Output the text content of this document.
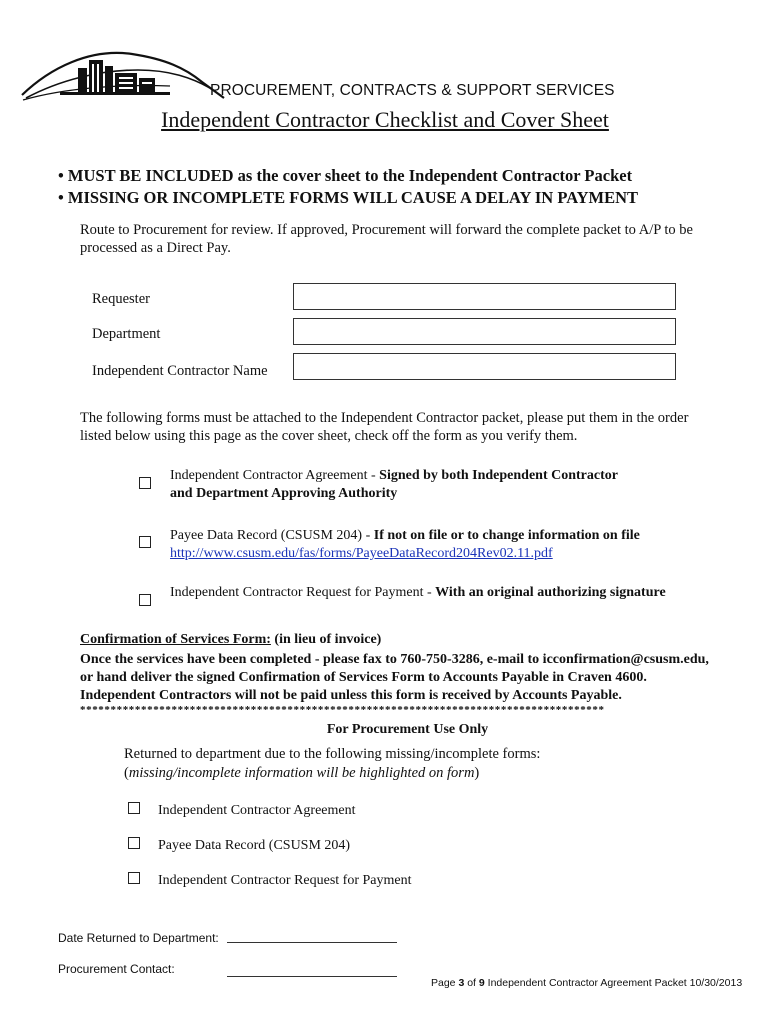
PROCUREMENT, CONTRACTS & SUPPORT SERVICES
Independent Contractor Checklist and Cover Sheet
• MUST BE INCLUDED as the cover sheet to the Independent Contractor Packet
• MISSING OR INCOMPLETE FORMS WILL CAUSE A DELAY IN PAYMENT
Route to Procurement for review. If approved, Procurement will forward the complete packet to A/P to be processed as a Direct Pay.
Requester
Department
Independent Contractor Name
The following forms must be attached to the Independent Contractor packet, please put them in the order listed below using this page as the cover sheet, check off the form as you verify them.
Independent Contractor Agreement - Signed by both Independent Contractor
and Department Approving Authority
Payee Data Record (CSUSM 204) - If not on file or to change information on file
http://www.csusm.edu/fas/forms/PayeeDataRecord204Rev02.11.pdf
Independent Contractor Request for Payment - With an original authorizing signature
Confirmation of Services Form: (in lieu of invoice)
Once the services have been completed - please fax to 760-750-3286, e-mail to icconfirmation@csusm.edu,
or hand deliver the signed Confirmation of Services Form to Accounts Payable in Craven 4600.
Independent Contractors will not be paid unless this form is received by Accounts Payable.
**************************************************************************************
For Procurement Use Only
Returned to department due to the following missing/incomplete forms:
(missing/incomplete information will be highlighted on form)
Independent Contractor Agreement
Payee Data Record (CSUSM 204)
Independent Contractor Request for Payment
Date Returned to Department:
Procurement Contact:
Page 3 of 9 Independent Contractor Agreement Packet 10/30/2013
